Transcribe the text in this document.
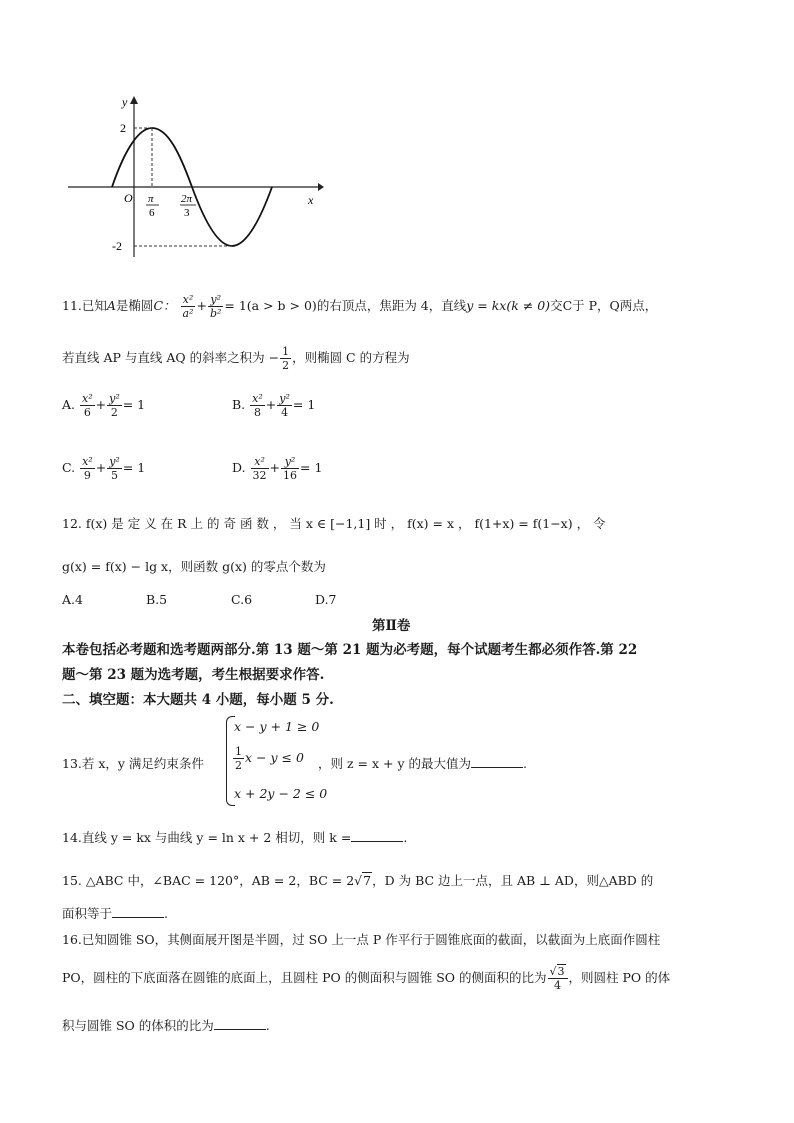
y
x
O
2
-2
π
6
2π
3
11.已知A是椭圆C： $\frac{\text{x²}}{\text{a²}} + \frac{\text{y²}}{\text{b²}} = 1(a > b > 0)$的右顶点，焦距为 4，直线y = kx(k ≠ 0)交C于 P，Q两点，
若直线 AP 与直线 AQ 的斜率之积为 − $\frac{1}{2}$ ，则椭圆 C 的方程为
A. $\frac{\text{x²}}{6} + \frac{\text{y²}}{2} = 1$	B. $\frac{\text{x²}}{8} + \frac{\text{y²}}{4} = 1$
C. $\frac{\text{x²}}{9} + \frac{\text{y²}}{5} = 1$	D. $\frac{\text{x²}}{32} + \frac{\text{y²}}{16} = 1$
12. f(x) 是 定 义 在 R 上 的 奇 函 数 ， 当 x ∈ [−1,1] 时 ， f(x) = x ， f(1+x) = f(1−x) ， 令
g(x) = f(x) − lg x，则函数 g(x) 的零点个数为
A.4	B.5	C.6	D.7
第Ⅱ卷
本卷包括必考题和选考题两部分.第 13 题～第 21 题为必考题，每个试题考生都必须作答.第 22
题～第 23 题为选考题，考生根据要求作答.
二、填空题：本大题共 4 小题，每小题 5 分.
13.若 x，y 满足约束条件
x − y + 1 ≥ 0
$\frac{1}{2}$ x − y ≤ 0
x + 2y − 2 ≤ 0
，则 z = x + y 的最大值为	.
14.直线 y = kx 与曲线 y = ln x + 2 相切，则 k =	.
15. △ABC 中，∠BAC = 120°，AB = 2，BC = 2√7，D 为 BC 边上一点，且 AB ⊥ AD，则△ABD 的
面积等于	.
16.已知圆锥 SO，其侧面展开图是半圆，过 SO 上一点 P 作平行于圆锥底面的截面，以截面为上底面作圆柱
PO，圆柱的下底面落在圆锥的底面上，且圆柱 PO 的侧面积与圆锥 SO 的侧面积的比为 $\frac{√3}{4}$ ，则圆柱 PO 的体
积与圆锥 SO 的体积的比为	.
